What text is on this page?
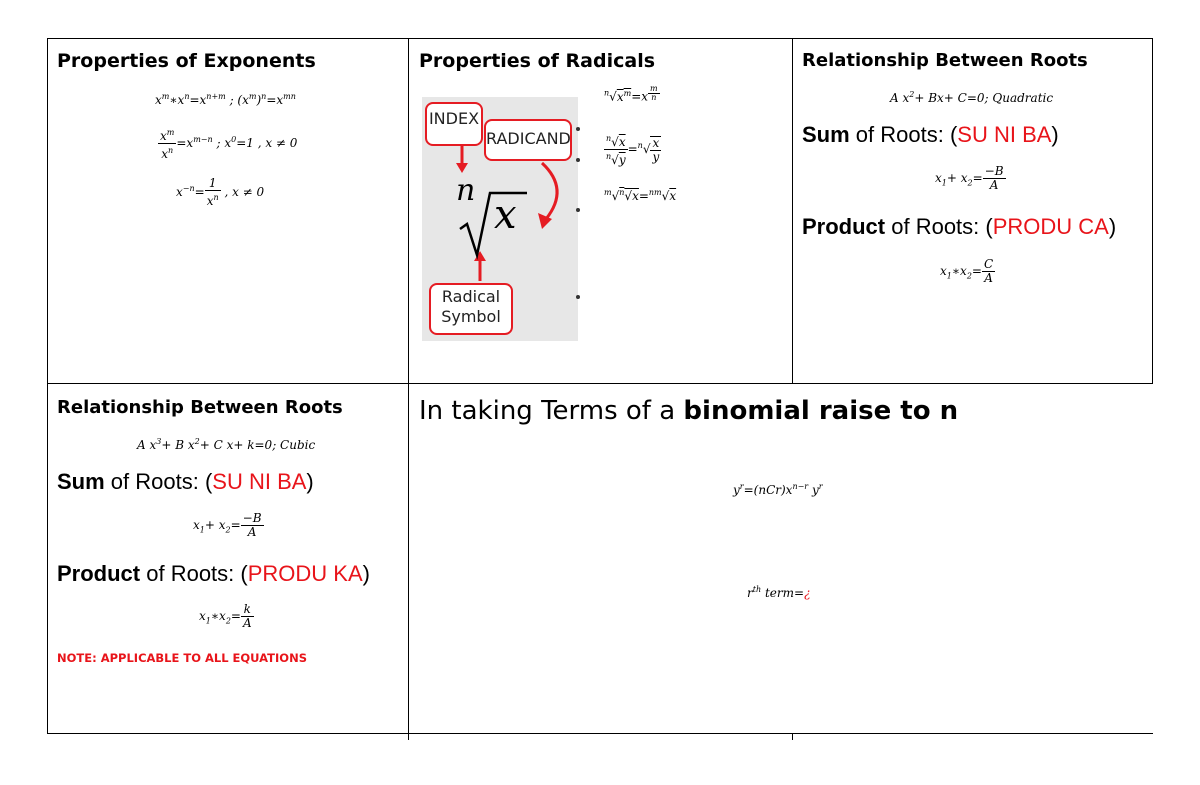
Properties of Exponents
$x^m∗x^n=x^{n+m}$ ; $(x^m)^n=x^{mn}$
$\frac{x^m}{x^n} =x^{m-n}$ ; $x^0=1$ , x ≠ 0
$x^{-n}= \frac{1}{x^n}$ , x ≠ 0
Properties of Radicals
INDEX
RADICAND
Radical
Symbol
n
x
$^n√x^m=x$ $^{\frac{m}{n}}$
$\frac{^n√x}{^n√y} =^n√ \frac{x}{y}$
$^m$√$^n$√x=$^{nm}$√x
Relationship Between Roots
A $x^2+ Bx+ C=0$; Quadratic
Sum of Roots: (SU NI BA)
$x_1+ x_2= \frac{-B}{A}$
Product of Roots: (PRODU CA)
$x_1∗x_2= \frac{C}{A}$
Relationship Between Roots
A $x^3+ B$ $x^2+ C$ x+ k=0; Cubic
Sum of Roots: (SU NI BA)
$x_1+ x_2= \frac{-B}{A}$
Product of Roots: (PRODU KA)
$x_1∗x_2= \frac{k}{A}$
NOTE: APPLICABLE TO ALL EQUATIONS
In taking Terms of a binomial raise to n
$y^r=(nCr)x^{n-r}$ $y^r$
$r^{th}$ term=¿
